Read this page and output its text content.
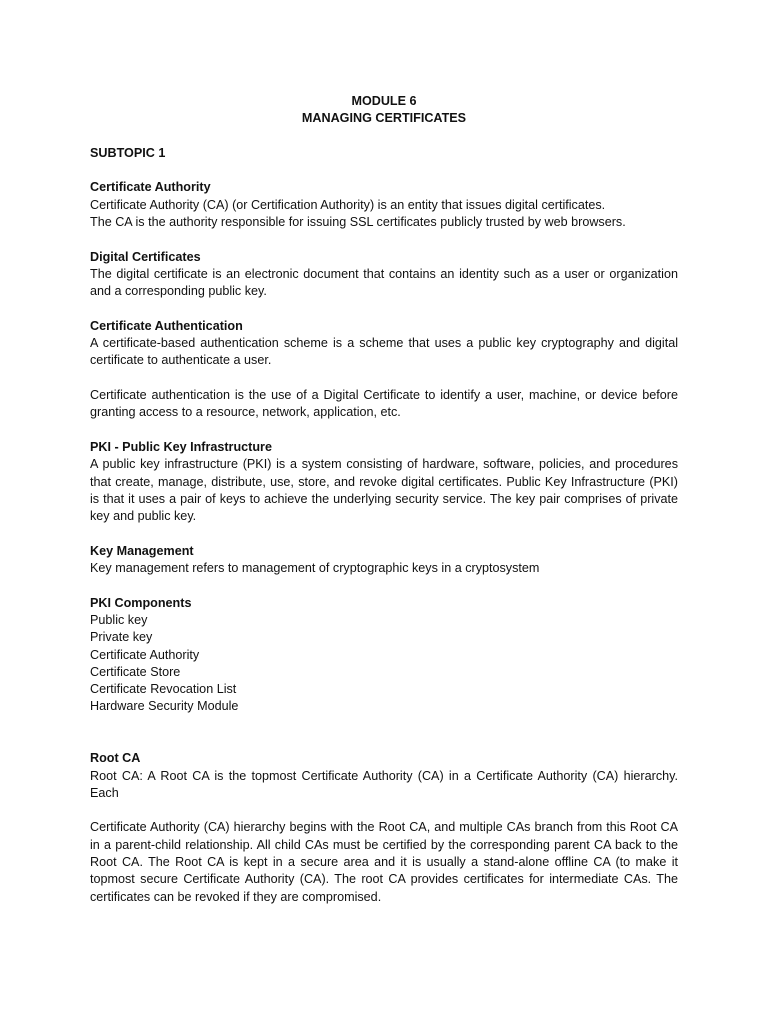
MODULE 6

MANAGING CERTIFICATES

SUBTOPIC 1

Certificate Authority

Certificate Authority (CA) (or Certification Authority) is an entity that issues digital certificates.
The CA is the authority responsible for issuing SSL certificates publicly trusted by web browsers.

Digital Certificates

The digital certificate is an electronic document that contains an identity such as a user or organization and a corresponding public key.

Certificate Authentication

A certificate-based authentication scheme is a scheme that uses a public key cryptography and digital certificate to authenticate a user.

Certificate authentication is the use of a Digital Certificate to identify a user, machine, or device before granting access to a resource, network, application, etc.

PKI - Public Key Infrastructure

A public key infrastructure (PKI) is a system consisting of hardware, software, policies, and procedures that create, manage, distribute, use, store, and revoke digital certificates. Public Key Infrastructure (PKI) is that it uses a pair of keys to achieve the underlying security service. The key pair comprises of private key and public key.

Key Management

Key management refers to management of cryptographic keys in a cryptosystem

PKI Components

Public key
Private key
Certificate Authority
Certificate Store
Certificate Revocation List
Hardware Security Module

Root CA

Root CA: A Root CA is the topmost Certificate Authority (CA) in a Certificate Authority (CA) hierarchy. Each

Certificate Authority (CA) hierarchy begins with the Root CA, and multiple CAs branch from this Root CA in a parent-child relationship. All child CAs must be certified by the corresponding parent CA back to the Root CA. The Root CA is kept in a secure area and it is usually a stand-alone offline CA (to make it topmost secure Certificate Authority (CA). The root CA provides certificates for intermediate CAs. The certificates can be revoked if they are compromised.
